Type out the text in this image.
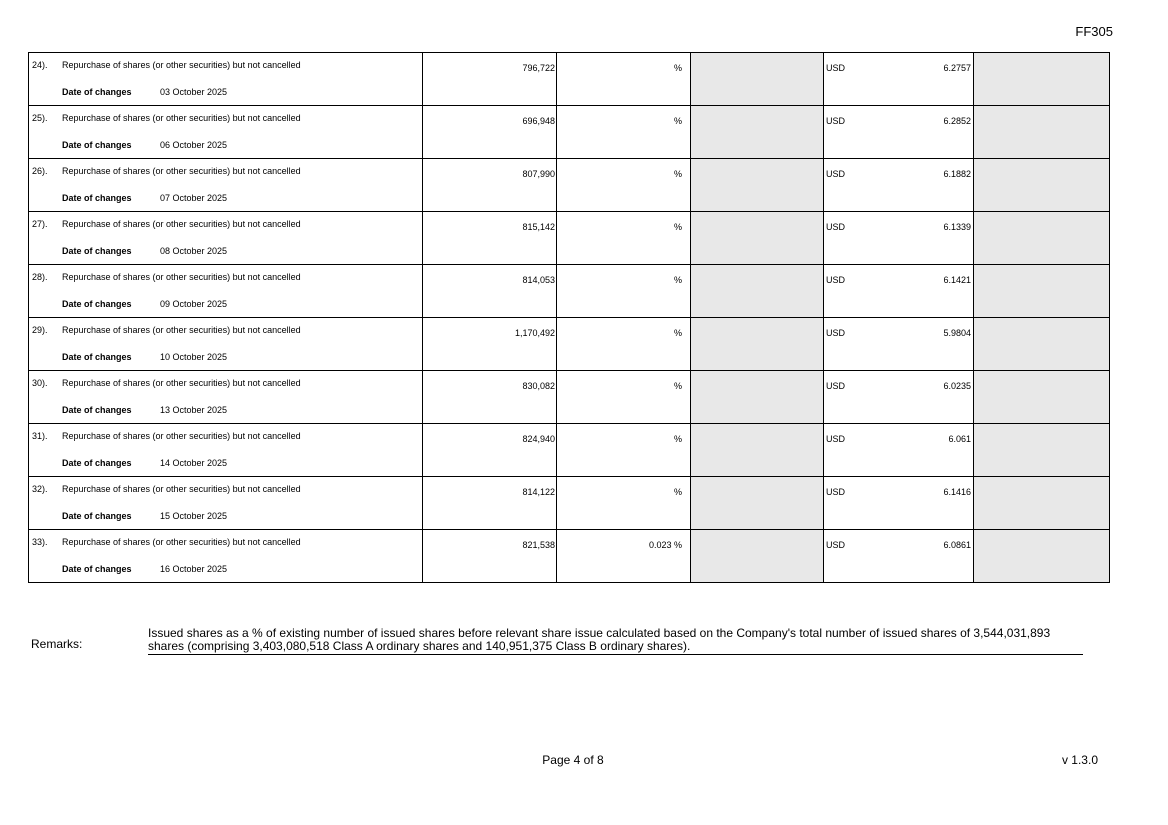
FF305
24). Repurchase of shares (or other securities) but not cancelled
Date of changes 03 October 2025	796,722	%		USD 6.2757	

25). Repurchase of shares (or other securities) but not cancelled
Date of changes 06 October 2025	696,948	%		USD 6.2852	

26). Repurchase of shares (or other securities) but not cancelled
Date of changes 07 October 2025	807,990	%		USD 6.1882	

27). Repurchase of shares (or other securities) but not cancelled
Date of changes 08 October 2025	815,142	%		USD 6.1339	

28). Repurchase of shares (or other securities) but not cancelled
Date of changes 09 October 2025	814,053	%		USD 6.1421	

29). Repurchase of shares (or other securities) but not cancelled
Date of changes 10 October 2025	1,170,492	%		USD 5.9804	

30). Repurchase of shares (or other securities) but not cancelled
Date of changes 13 October 2025	830,082	%		USD 6.0235	

31). Repurchase of shares (or other securities) but not cancelled
Date of changes 14 October 2025	824,940	%		USD 6.061	

32). Repurchase of shares (or other securities) but not cancelled
Date of changes 15 October 2025	814,122	%		USD 6.1416	

33). Repurchase of shares (or other securities) but not cancelled
Date of changes 16 October 2025	821,538	0.023 %		USD 6.0861	

Remarks:
Issued shares as a % of existing number of issued shares before relevant share issue calculated based on the Company's total number of issued shares of 3,544,031,893 shares (comprising 3,403,080,518 Class A ordinary shares and 140,951,375 Class B ordinary shares).
Page 4 of 8	v 1.3.0
